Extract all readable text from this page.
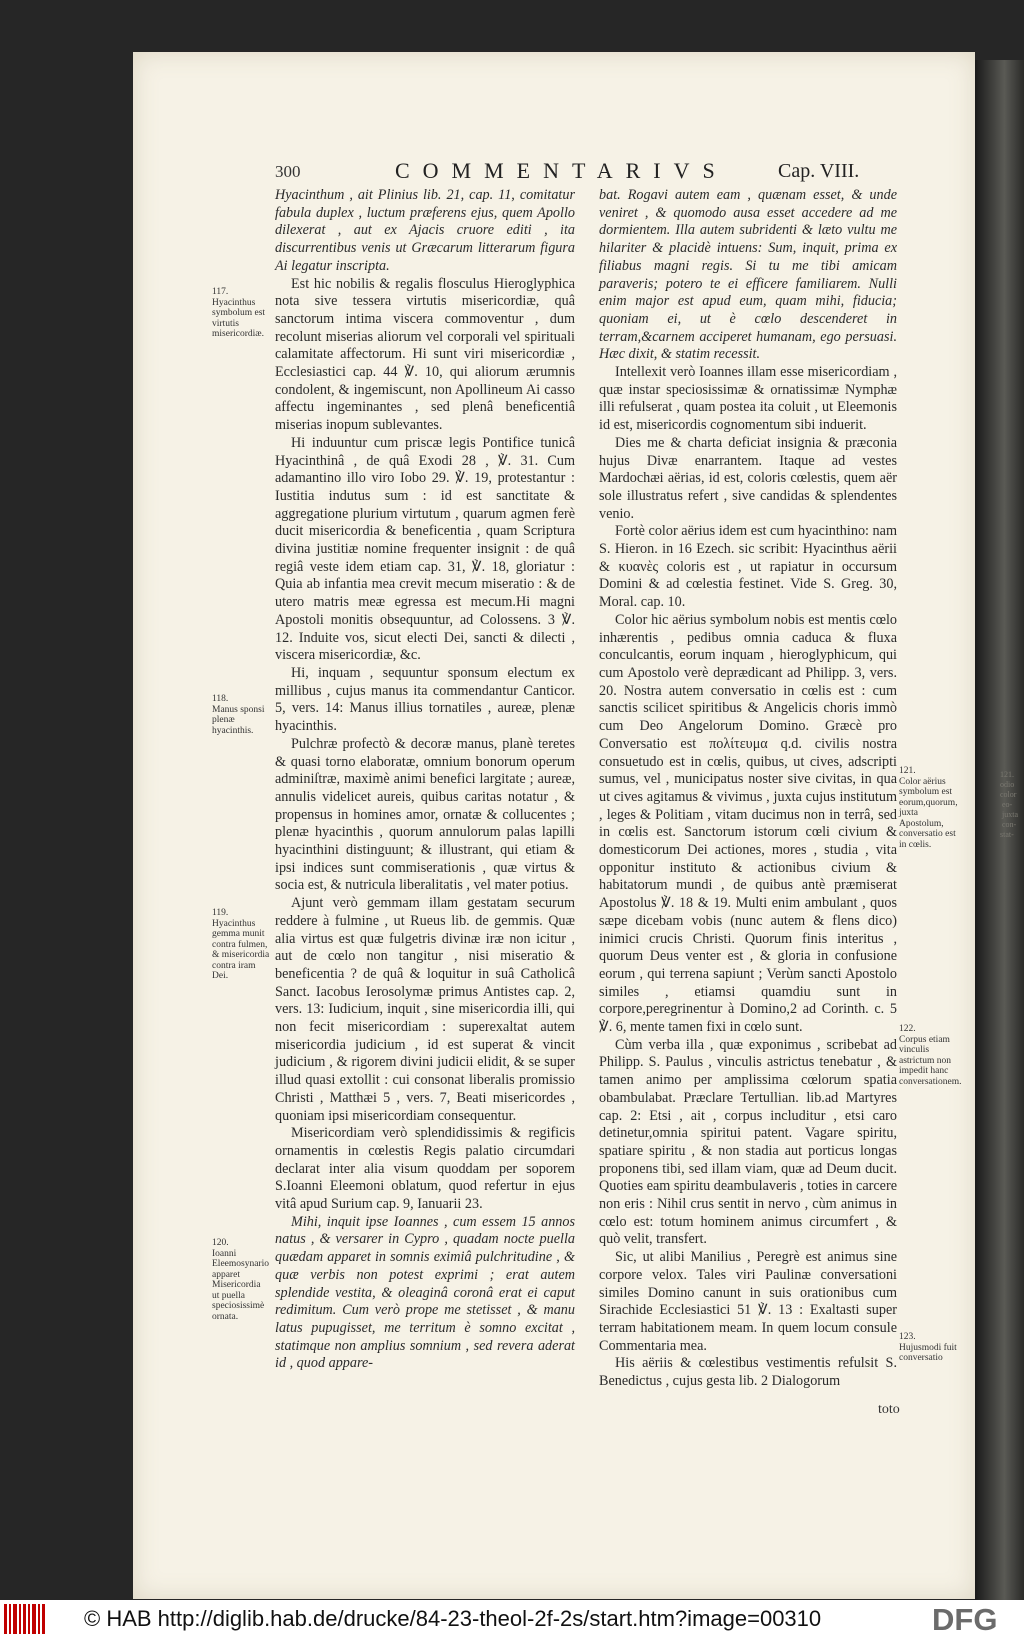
121.
odio
color
eo-
juxta
con-
stat-

300	COMMENTARIVS	Cap. VIII.

Hyacinthum , ait Plinius lib. 21, cap. 11, comitatur fabula duplex , luctum præferens ejus, quem Apollo dilexerat , aut ex Ajacis cruore editi , ita discurrentibus venis ut Græcarum litterarum figura Ai legatur inscripta.

Est hic nobilis & regalis flosculus Hieroglyphica nota sive tessera virtutis misericordiæ, quâ sanctorum intima viscera commoventur , dum recolunt miserias aliorum vel corporali vel spirituali calamitate affectorum. Hi sunt viri misericordiæ , Ecclesiastici cap. 44 ℣. 10, qui aliorum ærumnis condolent, & ingemiscunt, non Apollineum Ai casso affectu ingeminantes , sed plenâ beneficentiâ miserias inopum sublevantes.

Hi induuntur cum priscæ legis Pontifice tunicâ Hyacinthinâ , de quâ Exodi 28 , ℣. 31. Cum adamantino illo viro Iobo 29. ℣. 19, protestantur : Iustitia indutus sum : id est sanctitate & aggregatione plurium virtutum , quarum agmen ferè ducit misericordia & beneficentia , quam Scriptura divina justitiæ nomine frequenter insignit : de quâ regiâ veste idem etiam cap. 31, ℣. 18, gloriatur : Quia ab infantia mea crevit mecum miseratio : & de utero matris meæ egressa est mecum.Hi magni Apostoli monitis obsequuntur, ad Colossens. 3 ℣. 12. Induite vos, sicut electi Dei, sancti & dilecti , viscera misericordiæ, &c.

Hi, inquam , sequuntur sponsum electum ex millibus , cujus manus ita commendantur Canticor. 5, vers. 14: Manus illius tornatiles , aureæ, plenæ hyacinthis.

Pulchræ profectò & decoræ manus, planè teretes & quasi torno elaboratæ, omnium bonorum operum adminiſtræ, maximè animi benefici largitate ; aureæ, annulis videlicet aureis, quibus caritas notatur , & propensus in homines amor, ornatæ & collucentes ; plenæ hyacinthis , quorum annulorum palas lapilli hyacinthini distinguunt; & illustrant, qui etiam & ipsi indices sunt commiserationis , quæ virtus & socia est, & nutricula liberalitatis , vel mater potius.

Ajunt verò gemmam illam gestatam securum reddere à fulmine , ut Rueus lib. de gemmis. Quæ alia virtus est quæ fulgetris divinæ iræ non icitur , aut de cœlo non tangitur , nisi miseratio & beneficentia ? de quâ & loquitur in suâ Catholicâ Sanct. Iacobus Ierosolymæ primus Antistes cap. 2, vers. 13: Iudicium, inquit , sine misericordia illi, qui non fecit misericordiam : superexaltat autem misericordia judicium , id est superat & vincit judicium , & rigorem divini judicii elidit, & se super illud quasi extollit : cui consonat liberalis promissio Christi , Matthæi 5 , vers. 7, Beati misericordes , quoniam ipsi misericordiam consequentur.

Misericordiam verò splendidissimis & regificis ornamentis in cœlestis Regis palatio circumdari declarat inter alia visum quoddam per soporem S.Ioanni Eleemoni oblatum, quod refertur in ejus vitâ apud Surium cap. 9, Ianuarii 23.

Mihi, inquit ipse Ioannes , cum essem 15 annos natus , & versarer in Cypro , quadam nocte puella quædam apparet in somnis eximiâ pulchritudine , & quæ verbis non potest exprimi ; erat autem splendide vestita, & oleaginâ coronâ erat ei caput redimitum. Cum verò prope me stetisset , & manu latus pupugisset, me territum è somno excitat , statimque non amplius somnium , sed revera aderat id , quod appare-

bat. Rogavi autem eam , quænam esset, & unde veniret , & quomodo ausa esset accedere ad me dormientem. Illa autem subridenti & læto vultu me hilariter & placidè intuens: Sum, inquit, prima ex filiabus magni regis. Si tu me tibi amicam paraveris; potero te ei efficere familiarem. Nulli enim major est apud eum, quam mihi, fiducia; quoniam ei, ut è cœlo descenderet in terram,&carnem acciperet humanam, ego persuasi. Hæc dixit, & statim recessit.

Intellexit verò Ioannes illam esse misericordiam , quæ instar speciosissimæ & ornatissimæ Nymphæ illi refulserat , quam postea ita coluit , ut Eleemonis id est, misericordis cognomentum sibi induerit.

Dies me & charta deficiat insignia & præconia hujus Divæ enarrantem. Itaque ad vestes Mardochæi aërias, id est, coloris cœlestis, quem aër sole illustratus refert , sive candidas & splendentes venio.

Fortè color aërius idem est cum hyacinthino: nam S. Hieron. in 16 Ezech. sic scribit: Hyacinthus aërii & κυανὲς coloris est , ut rapiatur in occursum Domini & ad cœlestia festinet. Vide S. Greg. 30, Moral. cap. 10.

Color hic aërius symbolum nobis est mentis cœlo inhærentis , pedibus omnia caduca & fluxa conculcantis, eorum inquam , hieroglyphicum, qui cum Apostolo verè deprædicant ad Philipp. 3, vers. 20. Nostra autem conversatio in cœlis est : cum sanctis scilicet spiritibus & Angelicis choris immò cum Deo Angelorum Domino. Græcè pro Conversatio est πολίτευμα q.d. civilis nostra consuetudo est in cœlis, quibus, ut cives, adscripti sumus, vel , municipatus noster sive civitas, in qua ut cives agitamus & vivimus , juxta cujus institutum , leges & Politiam , vitam ducimus non in terrâ, sed in cœlis est. Sanctorum istorum cœli civium & domesticorum Dei actiones, mores , studia , vita opponitur instituto & actionibus civium & habitatorum mundi , de quibus antè præmiserat Apostolus ℣. 18 & 19. Multi enim ambulant , quos sæpe dicebam vobis (nunc autem & flens dico) inimici crucis Christi. Quorum finis interitus , quorum Deus venter est , & gloria in confusione eorum , qui terrena sapiunt ; Verùm sancti Apostolo similes , etiamsi quamdiu sunt in corpore,peregrinentur à Domino,2 ad Corinth. c. 5 ℣. 6, mente tamen fixi in cœlo sunt.

Cùm verba illa , quæ exponimus , scribebat ad Philipp. S. Paulus , vinculis astrictus tenebatur , & tamen animo per amplissima cœlorum spatia obambulabat. Præclare Tertullian. lib.ad Martyres cap. 2: Etsi , ait , corpus includitur , etsi caro detinetur,omnia spiritui patent. Vagare spiritu, spatiare spiritu , & non stadia aut porticus longas proponens tibi, sed illam viam, quæ ad Deum ducit. Quoties eam spiritu deambulaveris , toties in carcere non eris : Nihil crus sentit in nervo , cùm animus in cœlo est: totum hominem animus circumfert , & quò velit, transfert.

Sic, ut alibi Manilius , Peregrè est animus sine corpore velox. Tales viri Paulinæ conversationi similes Domino canunt in suis orationibus cum Sirachide Ecclesiastici 51 ℣. 13 : Exaltasti super terram habitationem meam. In quem locum consule Commentaria mea.

His aëriis & cœlestibus vestimentis refulsit S. Benedictus , cujus gesta lib. 2 Dialogorum

117.
Hyacinthus symbolum est virtutis misericordiæ.
118.
Manus sponsi plenæ hyacinthis.
119.
Hyacinthus gemma munit contra fulmen, & misericordia contra iram Dei.
120.
Ioanni Eleemosynario apparet Misericordia ut puella speciosissimè ornata.
121.
Color aërius symbolum est eorum,quorum, juxta Apostolum, conversatio est in cœlis.
122.
Corpus etiam vinculis astrictum non impedit hanc conversationem.
123.
Hujusmodi fuit conversatio
toto
© HAB http://diglib.hab.de/drucke/84-23-theol-2f-2s/start.htm?image=00310	DFG
